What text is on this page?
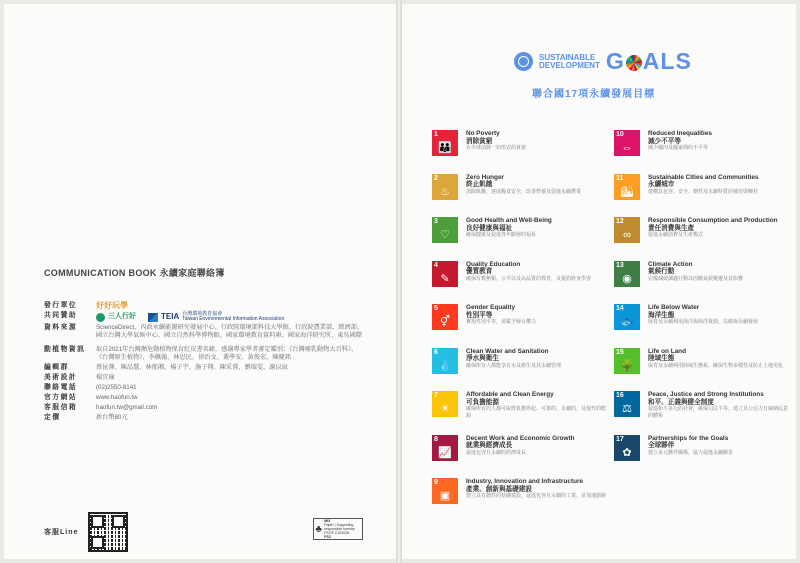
COMMUNICATION BOOK 永續家庭聯絡簿
發行單位	好好玩學
共同贊助	三人行好	TEIA 台灣環境教育協會
Taiwan Environmental Information Association
資料來源	ScienceDirect、內政永續能源研究發展中心、行政院環境部科技大學館、行政院農業部、經濟部、國立台灣大學氣候中心、國立自然科學博物館、國家環境教育資料庫、國家海洋研究所、東吳國際
動植物資訊	取自2021年台灣瀕危動植物保育紅皮書名錄，感謝專家學者審定鑑別；《台灣哺乳動物大百科》、《台灣原生植物》、李佩翰、林思民、徐治文、蓋學安、黃俊宏、陳慶銘
編輯群	蔡昆澤、陳品慧、林郁湘、楊子宇、施子翔、陳采蓉、劉瑞雯、謝以宸
美術設計	楊宜瑜
聯絡電話	(02)2550-8141
官方網站	www.haofun.tw
客服信箱	haofun.tw@gmail.com
定價	新台幣80元
客服Line	♣
MIX
Paper | Supporting responsible forestry
FSC® C103036
FSC
SUSTAINABLE
DEVELOPMENT G ALS
聯合國17項永續發展目標
1
👪
No Poverty
消除貧窮
在全球消除一切形式的貧窮
2
♨
Zero Hunger
終止飢餓
消除飢餓，達成糧食安全，改善營養及促進永續農業
3
♡
Good Health and Well-Being
良好健康與福祉
確保健康及促進各年齡層的福祉
4
✎
Quality Education
優質教育
確保有教無類、公平以及高品質的教育，及提倡終身學習
5
⚥
Gender Equality
性別平等
實現性別平等，並賦予婦女權力
6
💧
Clean Water and Sanitation
淨水與衛生
確保所有人都能享有水及衛生及其永續管理
7
☀
Affordable and Clean Energy
可負擔能源
確保所有的人都可取得負擔得起、可靠的、永續的，及現代的能源
8
📈
Decent Work and Economic Growth
就業與經濟成長
促進包容且永續的經濟成長
9
▣
Industry, Innovation and Infrastructure
產業、創新與基礎建設
建立具有韌性的基礎建設，促進包容且永續的工業，並加速創新
10
⇔
Reduced Inequalities
減少不平等
減少國內及國家間的不平等
11
🏙
Sustainable Cities and Communities
永續城市
建構具包容、安全、韌性及永續特質的城市與鄉村
12
∞
Responsible Consumption and Production
責任消費與生產
促進永續消費及生產模式
13
◉
Climate Action
氣候行動
完備減緩調適行動以因應氣候變遷及其影響
14
🐟
Life Below Water
海洋生態
保育及永續利用海洋與海洋資源，以確保永續發展
15
🌳
Life on Land
陸域生態
保育及永續利用陸域生態系，確保生物多樣性及防止土地劣化
16
⚖
Peace, Justice and Strong Institutions
和平、正義與健全制度
促進和平多元的社會，確保司法平等，建立具公信力且廣納民意的體系
17
✿
Partnerships for the Goals
全球夥伴
建立多元夥伴關係，協力促進永續願景
